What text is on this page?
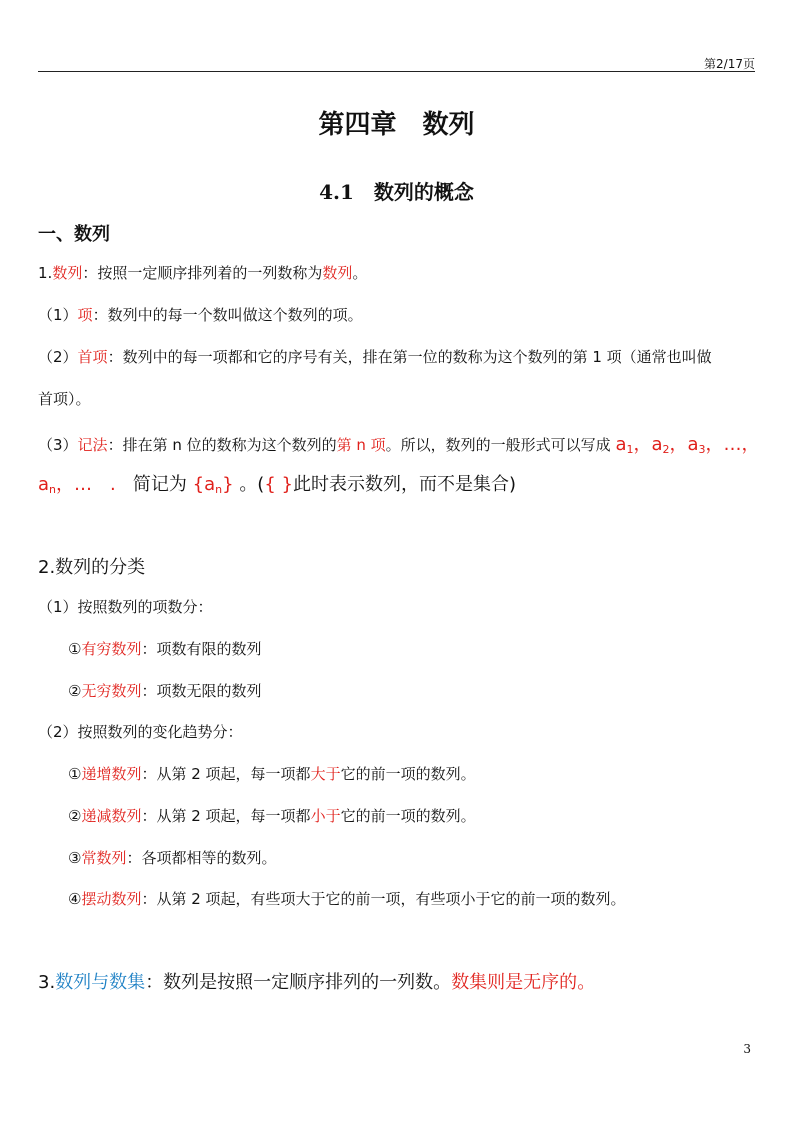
第2/17页
第四章　数列
4.1　数列的概念
一、数列
1.数列：按照一定顺序排列着的一列数称为数列。
（1）项：数列中的每一个数叫做这个数列的项。
（2）首项：数列中的每一项都和它的序号有关，排在第一位的数称为这个数列的第 1 项（通常也叫做
首项）。
（3）记法：排在第 n 位的数称为这个数列的第 n 项。所以，数列的一般形式可以写成 $a_1$，$a_2$，$a_3$，…，
$a_n$，…　. 简记为 $\{a_n\}$ 。({ }此时表示数列，而不是集合)
2.数列的分类
（1）按照数列的项数分：
①有穷数列：项数有限的数列
②无穷数列：项数无限的数列
（2）按照数列的变化趋势分：
①递增数列：从第 2 项起，每一项都大于它的前一项的数列。
②递减数列：从第 2 项起，每一项都小于它的前一项的数列。
③常数列：各项都相等的数列。
④摆动数列：从第 2 项起，有些项大于它的前一项，有些项小于它的前一项的数列。
3.数列与数集：数列是按照一定顺序排列的一列数。数集则是无序的。
3
